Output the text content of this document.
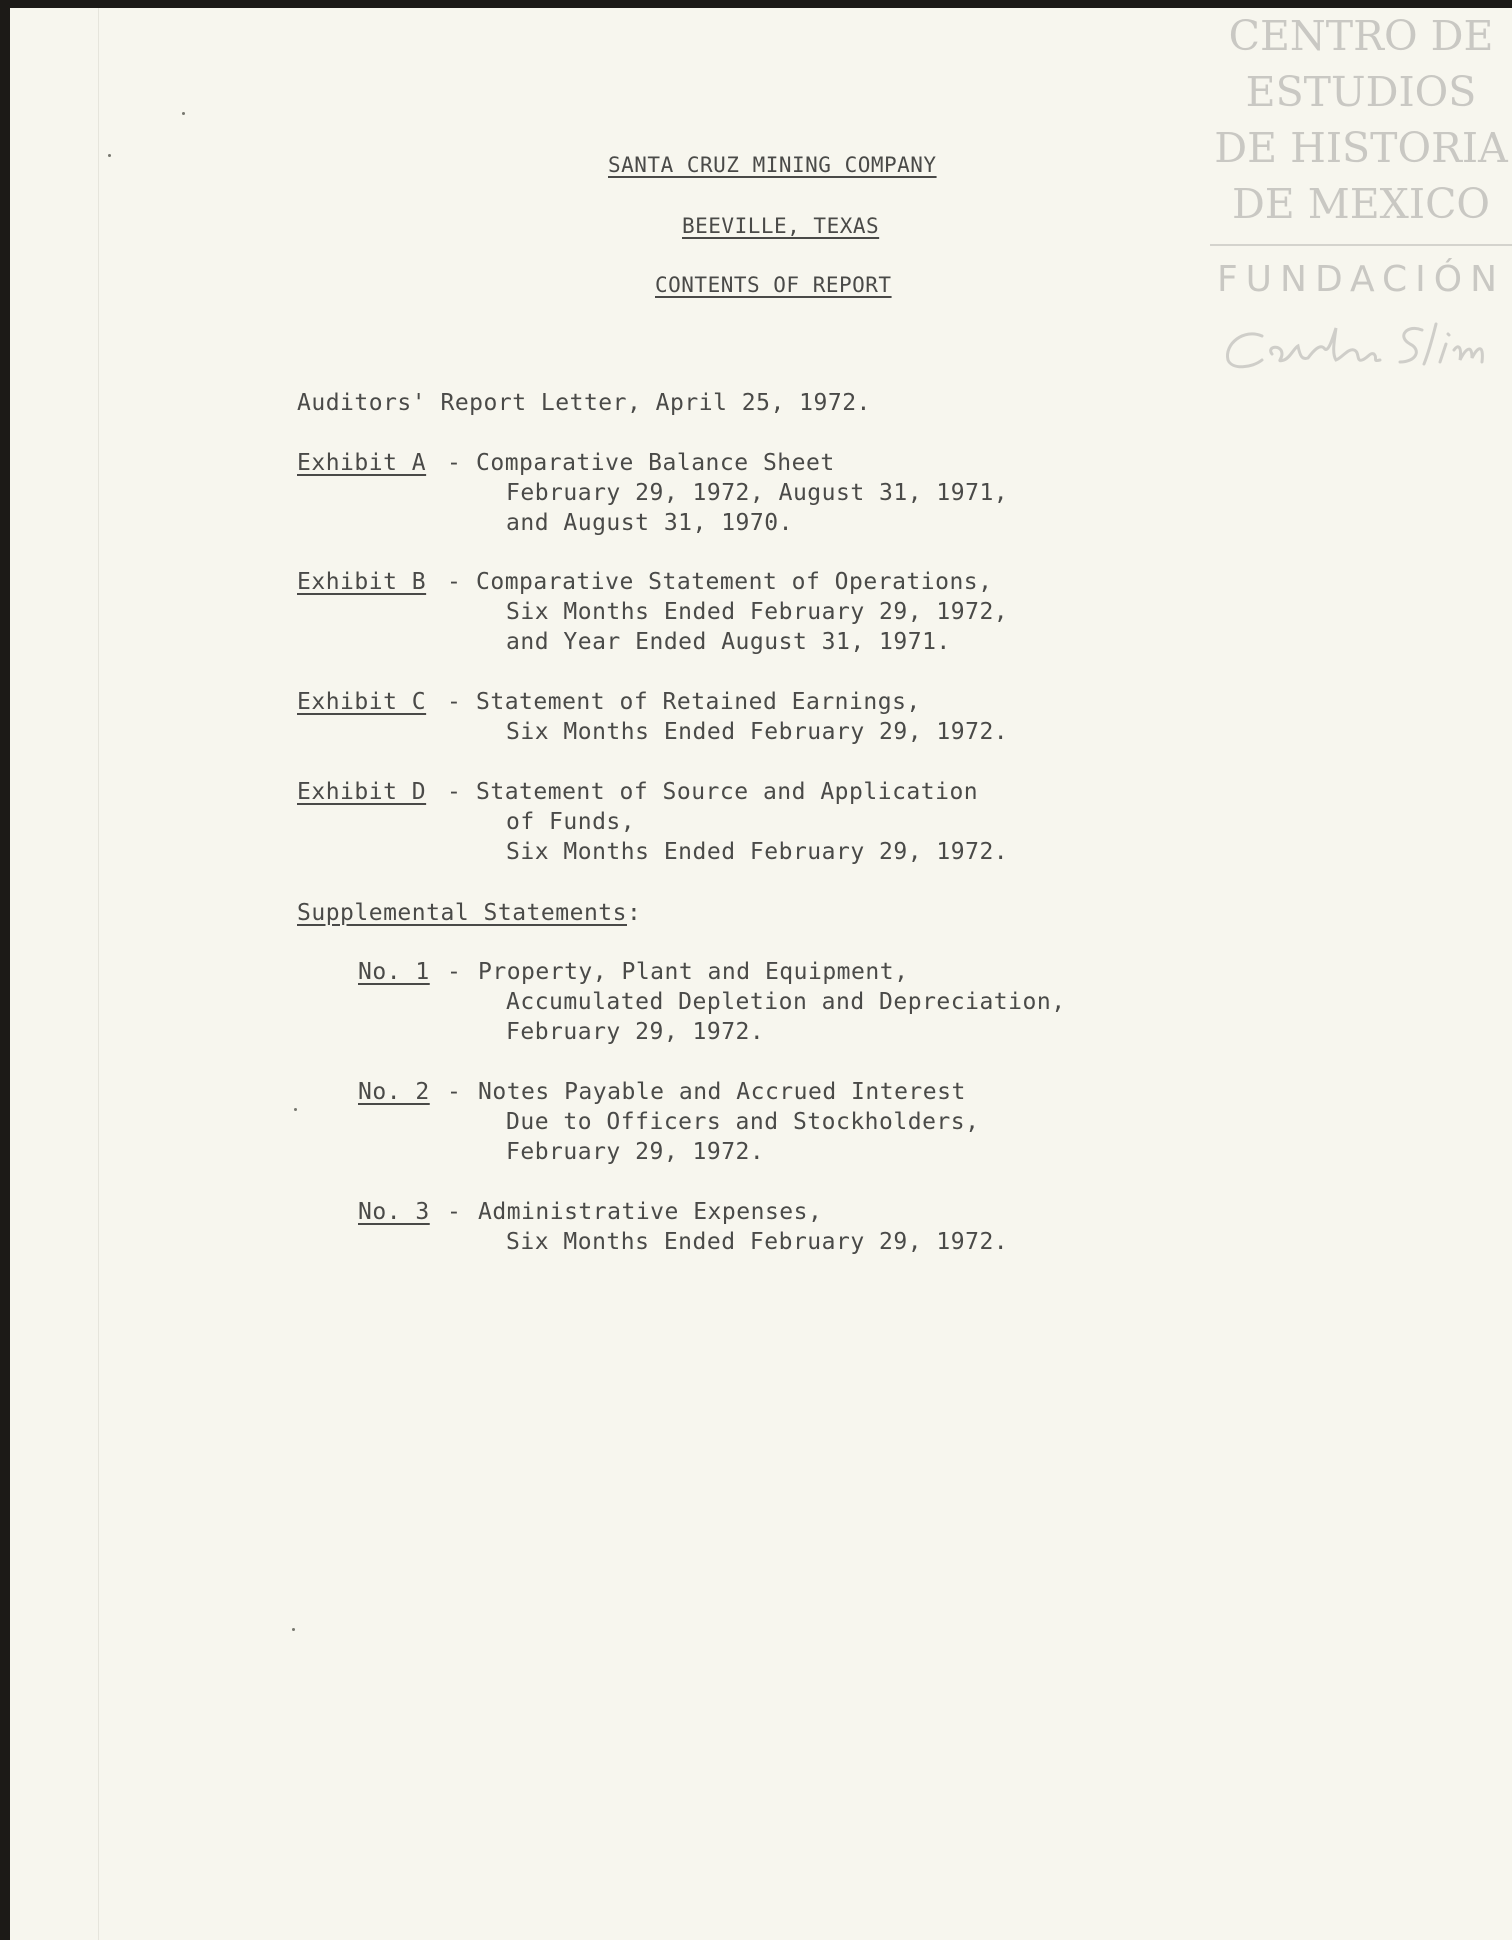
CENTRO DE
ESTUDIOS
DE HISTORIA
DE MEXICO
FUNDACIÓN
SANTA CRUZ MINING COMPANY
BEEVILLE, TEXAS
CONTENTS OF REPORT
Auditors' Report Letter, April 25, 1972.
Exhibit A - Comparative Balance Sheet
February 29, 1972, August 31, 1971,
and August 31, 1970.
Exhibit B - Comparative Statement of Operations,
Six Months Ended February 29, 1972,
and Year Ended August 31, 1971.
Exhibit C - Statement of Retained Earnings,
Six Months Ended February 29, 1972.
Exhibit D - Statement of Source and Application
of Funds,
Six Months Ended February 29, 1972.
Supplemental Statements:
No. 1 - Property, Plant and Equipment,
Accumulated Depletion and Depreciation,
February 29, 1972.
No. 2 - Notes Payable and Accrued Interest
Due to Officers and Stockholders,
February 29, 1972.
No. 3 - Administrative Expenses,
Six Months Ended February 29, 1972.
